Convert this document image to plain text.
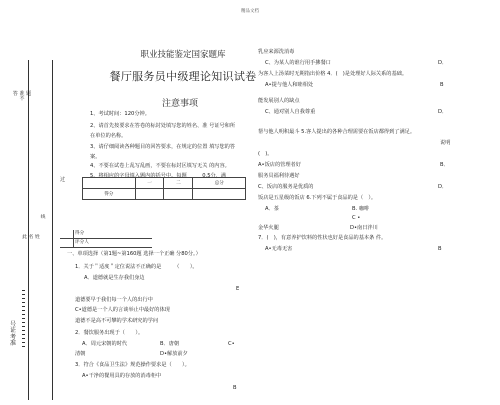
精品文档
答 准 题 不
过
线
此 名 姓
号 证 考 准
职业技能鉴定国家题库
餐厅服务员中级理论知识试卷
注意事项
1、考试时间：120分钟。
2、请首先按要求在答卷的标封处填写您的姓名、准 号证号和所
在单位的名称。
3、请仔细阅读各种题目的回答要求，在规定的位置 填写您的答
案。
4、不要在试卷上乱写乱画，不要在标封区填写无关 的内容。
5、将相应的字母填入题内的括号中。每题　　　0.5分，满
	一	二	总分
得分			
得分
评分人
一、单项选择（第1题~第160题 选择一个正确 分80分。）
1．关于＂适度＂定位说法不正确的是　　　（　　）。
A．道德就是生存我们身边
E
道德要早于我们每一个人的出行中
C•道德是一个人的言谈举止中最好的体现
道德不是高不可攀的学术研究的学问
2．餐饮服务出现于（　　）。
A．周元宋朝的时代	B．唐朝	C•
清朝	D•解放前夕
3．符合《食品卫生法》规范操作要求是（　　）。
A•干净的餐用具的存放的消毒柜中
B
乳应来源洗消毒
C、为某人的谁行用手拂餐口	D．
为客人上汤菜时无期指出价格 4．(　)是处理好人际关系的基础。
A•提与他人和睦相处	B
能发展别人的缺点
C、通对别人自我尊重	D．
帮与他人明积最斗 5.客人提出的各种合理需要在饭店都得到了满足。
说明
(　)。
A•饭店的管理者好	B．
服务员福利待遇好
C、饭店的服务是优质的	D．
饭店是五星级的饭店 6.下列不属于食品的是（　）。
A．茶	B. 咖啡
C •
金华火腿	D•南日泮川
7．(　)，有意养护饮料的性状也好是食品的基本条 件。
A•无毒无害	B
